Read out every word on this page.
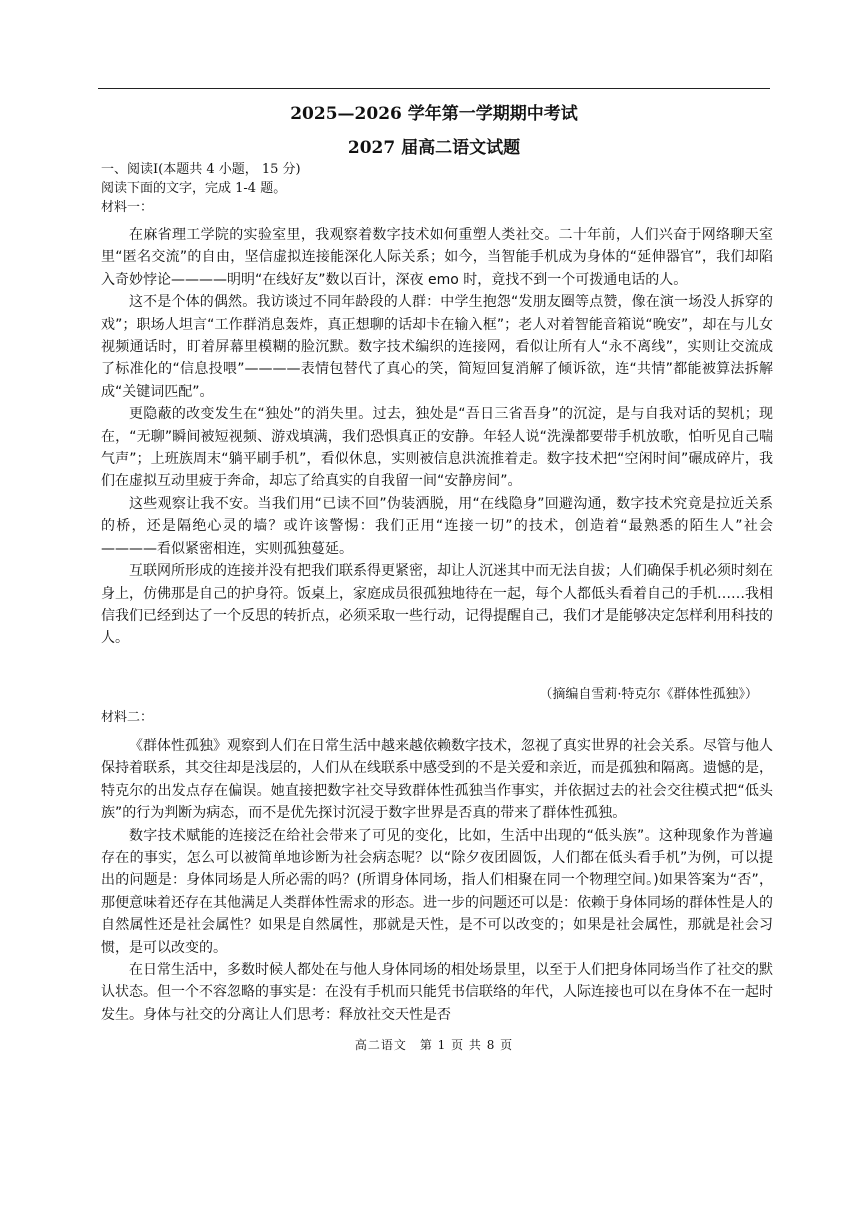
2025—2026 学年第一学期期中考试
2027 届高二语文试题

一、阅读Ⅰ(本题共 4 小题， 15 分)

阅读下面的文字，完成 1-4 题。

材料一：

在麻省理工学院的实验室里，我观察着数字技术如何重塑人类社交。二十年前，人们兴奋于网络聊天室里“匿名交流”的自由，坚信虚拟连接能深化人际关系；如今，当智能手机成为身体的“延伸器官”，我们却陷入奇妙悖论————明明“在线好友”数以百计，深夜 emo 时，竟找不到一个可拨通电话的人。

这不是个体的偶然。我访谈过不同年龄段的人群：中学生抱怨“发朋友圈等点赞，像在演一场没人拆穿的戏”；职场人坦言“工作群消息轰炸，真正想聊的话却卡在输入框”；老人对着智能音箱说“晚安”，却在与儿女视频通话时，盯着屏幕里模糊的脸沉默。数字技术编织的连接网，看似让所有人“永不离线”，实则让交流成了标准化的“信息投喂”————表情包替代了真心的笑，简短回复消解了倾诉欲，连“共情”都能被算法拆解成“关键词匹配”。

更隐蔽的改变发生在“独处”的消失里。过去，独处是“吾日三省吾身”的沉淀，是与自我对话的契机；现在，“无聊”瞬间被短视频、游戏填满，我们恐惧真正的安静。年轻人说“洗澡都要带手机放歌，怕听见自己喘气声”；上班族周末“躺平刷手机”，看似休息，实则被信息洪流推着走。数字技术把“空闲时间”碾成碎片，我们在虚拟互动里疲于奔命，却忘了给真实的自我留一间“安静房间”。

这些观察让我不安。当我们用“已读不回”伪装洒脱，用“在线隐身”回避沟通，数字技术究竟是拉近关系的桥，还是隔绝心灵的墙？或许该警惕：我们正用“连接一切”的技术，创造着“最熟悉的陌生人”社会————看似紧密相连，实则孤独蔓延。

互联网所形成的连接并没有把我们联系得更紧密，却让人沉迷其中而无法自拔；人们确保手机必须时刻在身上，仿佛那是自己的护身符。饭桌上，家庭成员很孤独地待在一起，每个人都低头看着自己的手机……我相信我们已经到达了一个反思的转折点，必须采取一些行动，记得提醒自己，我们才是能够决定怎样利用科技的人。

（摘编自雪莉·特克尔《群体性孤独》）

材料二：

《群体性孤独》观察到人们在日常生活中越来越依赖数字技术，忽视了真实世界的社会关系。尽管与他人保持着联系，其交往却是浅层的，人们从在线联系中感受到的不是关爱和亲近，而是孤独和隔离。遗憾的是，特克尔的出发点存在偏误。她直接把数字社交导致群体性孤独当作事实，并依据过去的社会交往模式把“低头族”的行为判断为病态，而不是优先探讨沉浸于数字世界是否真的带来了群体性孤独。

数字技术赋能的连接泛在给社会带来了可见的变化，比如，生活中出现的“低头族”。这种现象作为普遍存在的事实，怎么可以被简单地诊断为社会病态呢？以“除夕夜团圆饭，人们都在低头看手机”为例，可以提出的问题是：身体同场是人所必需的吗？(所谓身体同场，指人们相聚在同一个物理空间。)如果答案为“否”，那便意味着还存在其他满足人类群体性需求的形态。进一步的问题还可以是：依赖于身体同场的群体性是人的自然属性还是社会属性？如果是自然属性，那就是天性，是不可以改变的；如果是社会属性，那就是社会习惯，是可以改变的。

在日常生活中，多数时候人都处在与他人身体同场的相处场景里，以至于人们把身体同场当作了社交的默认状态。但一个不容忽略的事实是：在没有手机而只能凭书信联络的年代，人际连接也可以在身体不在一起时发生。身体与社交的分离让人们思考：释放社交天性是否

高二语文　第 1 页 共 8 页
